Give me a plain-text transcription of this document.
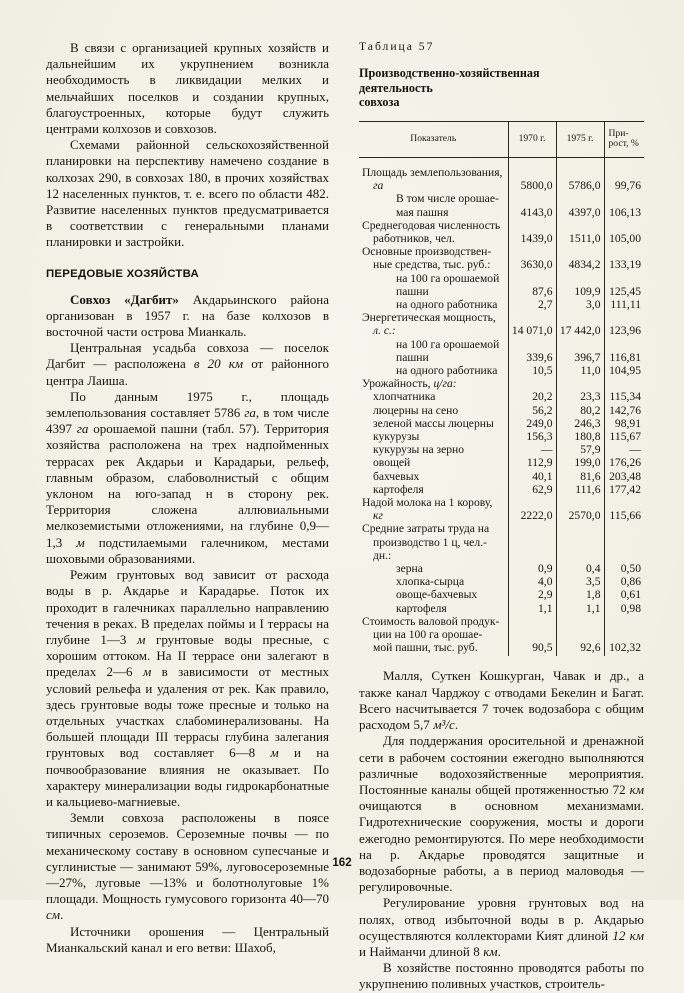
В связи с организацией крупных хозяйств и дальнейшим их укрупнением возникла необходимость в ликвидации мелких и мельчайших поселков и создании крупных, благоустроенных, которые будут служить центрами колхозов и совхозов.

Схемами районной сельскохозяйственной планировки на перспективу намечено создание в колхозах 290, в совхозах 180, в прочих хозяйствах 12 населенных пунктов, т. е. всего по области 482. Развитие населенных пунктов предусматривается в соответствии с генеральными планами планировки и застройки.

ПЕРЕДОВЫЕ ХОЗЯЙСТВА

Совхоз «Дагбит» Акдарьинского района организован в 1957 г. на базе колхозов в восточной части острова Мианкаль.

Центральная усадьба совхоза — поселок Дагбит — расположена в 20 км от районного центра Лаиша.

По данным 1975 г., площадь землепользования составляет 5786 га, в том числе 4397 га орошаемой пашни (табл. 57). Территория хозяйства расположена на трех надпойменных террасах рек Акдарьи и Карадарьи, рельеф, главным образом, слабоволнистый с общим уклоном на юго-запад н в сторону рек. Территория сложена аллювиальными мелкоземистыми отложениями, на глубине 0,9—1,3 м подстилаемыми галечником, местами шоховыми образованиями.

Режим грунтовых вод зависит от расхода воды в р. Акдарье и Карадарье. Поток их проходит в галечниках параллельно направлению течения в реках. В пределах поймы и I террасы на глубине 1—3 м грунтовые воды пресные, с хорошим оттоком. На II террасе они залегают в пределах 2—6 м в зависимости от местных условий рельефа и удаления от рек. Как правило, здесь грунтовые воды тоже пресные и только на отдельных участках слабоминерализованы. На большей площади III террасы глубина залегания грунтовых вод составляет 6—8 м и на почвообразование влияния не оказывает. По характеру минерализации воды гидрокарбонатные и кальциево-магниевые.

Земли совхоза расположены в поясе типичных сероземов. Сероземные почвы — по механическому составу в основном супесчаные и суглинистые — занимают 59%, луговосероземные —27%, луговые —13% и болотнолуговые 1% площади. Мощность гумусового горизонта 40—70 см.

Источники орошения — Центральный Мианкальский канал и его ветви: Шахоб,

Таблица 57
Производственно-хозяйственная
деятельность
совхоза
Показатель	1970 г.	1975 г.	При-
рост, %

Площадь землепользования,
га	5800,0	5786,0	99,76

В том числе орошае-
мая пашня	4143,0	4397,0	106,13

Среднегодовая численность
работников, чел.	1439,0	1511,0	105,00

Основные производствен-
ные средства, тыс. руб.:	3630,0	4834,2	133,19

на 100 га орошаемой
пашни	87,6	109,9	125,45

на одного работника	2,7	3,0	111,11

Энергетическая мощность,
л. с.:	14 071,0	17 442,0	123,96

на 100 га орошаемой
пашни	339,6	396,7	116,81

на одного работника	10,5	11,0	104,95

Урожайность, ц/га:			

хлопчатника	20,2	23,3	115,34

люцерны на сено	56,2	80,2	142,76

зеленой массы люцерны	249,0	246,3	98,91

кукурузы	156,3	180,8	115,67

кукурузы на зерно	—	57,9	—

овощей	112,9	199,0	176,26

бахчевых	40,1	81,6	203,48

картофеля	62,9	111,6	177,42

Надой молока на 1 корову,
кг	2222,0	2570,0	115,66

Средние затраты труда на
производство 1 ц, чел.-
дн.:			

зерна	0,9	0,4	0,50

хлопка-сырца	4,0	3,5	0,86

овоще-бахчевых	2,9	1,8	0,61

картофеля	1,1	1,1	0,98

Стоимость валовой продук-
ции на 100 га орошае-
мой пашни, тыс. руб.	90,5	92,6	102,32

Малля, Суткен Кошкурган, Чавак и др., а также канал Чарджоу с отводами Бекелин и Багат. Всего насчитывается 7 точек водозабора с общим расходом 5,7 м³/с.

Для поддержания оросительной и дренажной сети в рабочем состоянии ежегодно выполняются различные водохозяйственные мероприятия. Постоянные каналы общей протяженностью 72 км очищаются в основном механизмами. Гидротехнические сооружения, мосты и дороги ежегодно ремонтируются. По мере необходимости на р. Акдарье проводятся защитные и водозаборные работы, а в период маловодья — регулировочные.

Регулирование уровня грунтовых вод на полях, отвод избыточной воды в р. Акдарью осуществляются коллекторами Кият длиной 12 км и Найманчи длиной 8 км.

В хозяйстве постоянно проводятся работы по укрупнению поливных участков, строитель-

162
